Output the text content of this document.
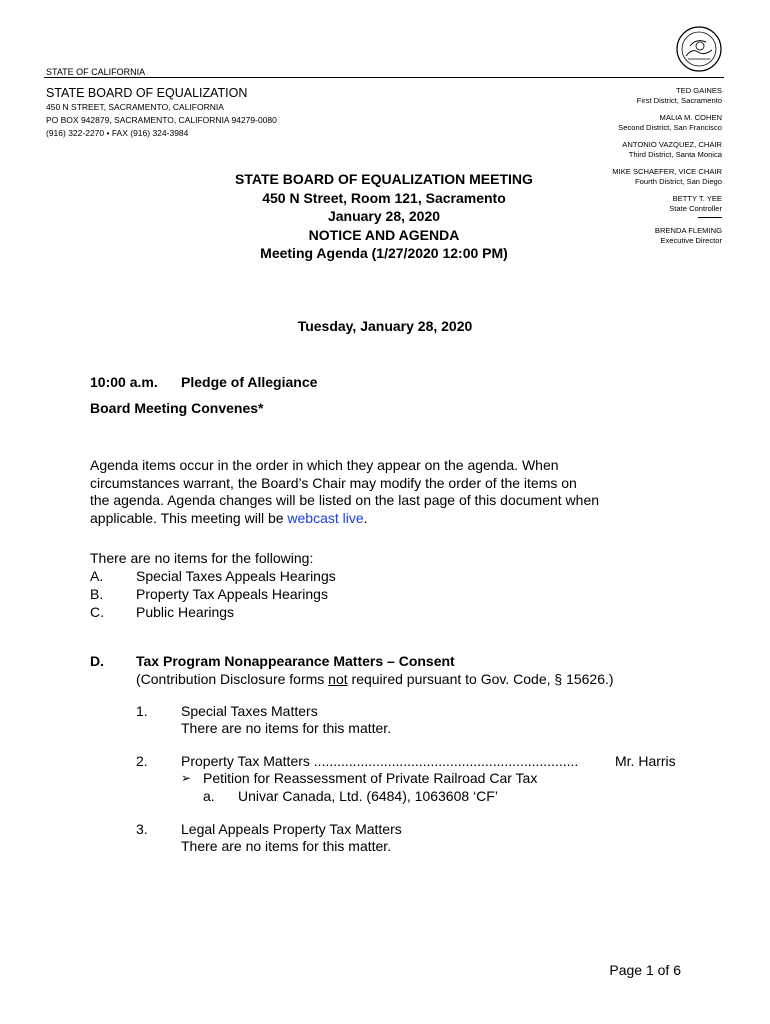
STATE OF CALIFORNIA
STATE BOARD OF EQUALIZATION
450 N STREET, SACRAMENTO, CALIFORNIA
PO BOX 942879, SACRAMENTO, CALIFORNIA 94279-0080
(916) 322-2270 • FAX (916) 324-3984
TED GAINES
First District, Sacramento
MALIA M. COHEN
Second District, San Francisco
ANTONIO VAZQUEZ, CHAIR
Third District, Santa Monica
MIKE SCHAEFER, VICE CHAIR
Fourth District, San Diego
BETTY T. YEE
State Controller
BRENDA FLEMING
Executive Director
STATE BOARD OF EQUALIZATION MEETING
450 N Street, Room 121, Sacramento
January 28, 2020
NOTICE AND AGENDA
Meeting Agenda (1/27/2020 12:00 PM)
Tuesday, January 28, 2020
10:00 a.m. Pledge of Allegiance
Board Meeting Convenes*
Agenda items occur in the order in which they appear on the agenda. When
circumstances warrant, the Board’s Chair may modify the order of the items on
the agenda. Agenda changes will be listed on the last page of this document when
applicable. This meeting will be webcast live.
There are no items for the following:
A. Special Taxes Appeals Hearings
B. Property Tax Appeals Hearings
C. Public Hearings
D. Tax Program Nonappearance Matters – Consent
(Contribution Disclosure forms not required pursuant to Gov. Code, § 15626.)
1. Special Taxes Matters
There are no items for this matter.
2. Property Tax Matters ....................................................................	Mr. Harris
➢ Petition for Reassessment of Private Railroad Car Tax
a. Univar Canada, Ltd. (6484), 1063608 ‘CF’
3. Legal Appeals Property Tax Matters
There are no items for this matter.
Page 1 of 6
